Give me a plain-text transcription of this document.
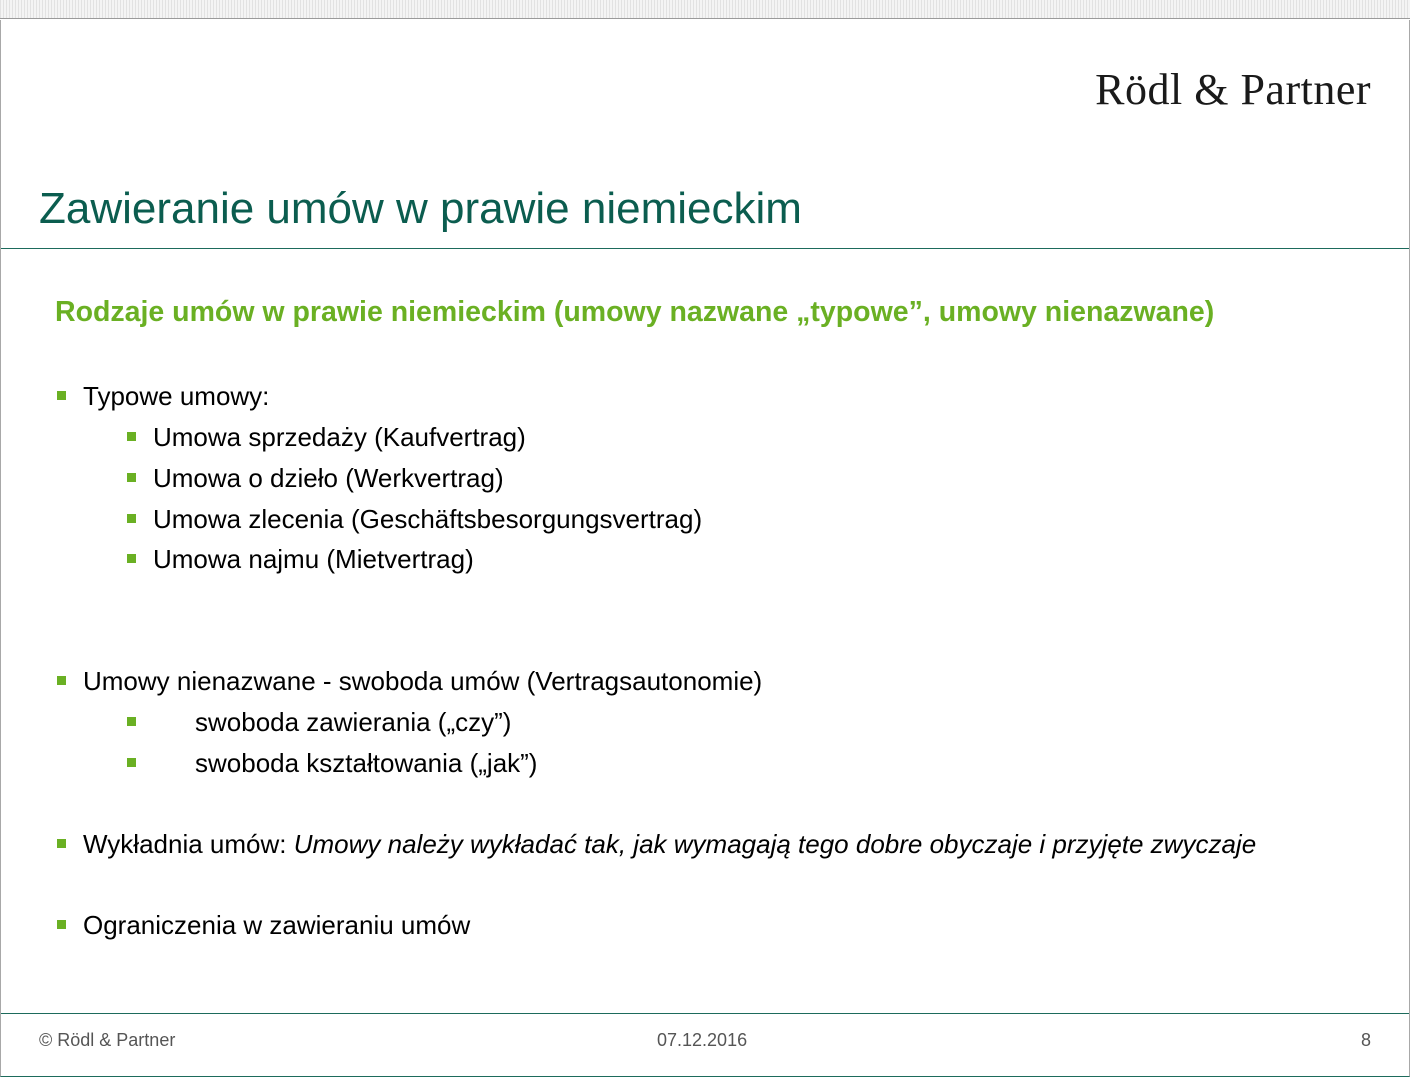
Rödl & Partner
Zawieranie umów w prawie niemieckim
Rodzaje umów w prawie niemieckim (umowy nazwane „typowe”, umowy nienazwane)
Typowe umowy:
Umowa sprzedaży (Kaufvertrag)
Umowa o dzieło (Werkvertrag)
Umowa zlecenia (Geschäftsbesorgungsvertrag)
Umowa najmu (Mietvertrag)
Umowy nienazwane - swoboda umów (Vertragsautonomie)
swoboda zawierania („czy”)
swoboda kształtowania („jak”)
Wykładnia umów: Umowy należy wykładać tak, jak wymagają tego dobre obyczaje i przyjęte zwyczaje
Ograniczenia w zawieraniu umów
© Rödl & Partner	07.12.2016	8
